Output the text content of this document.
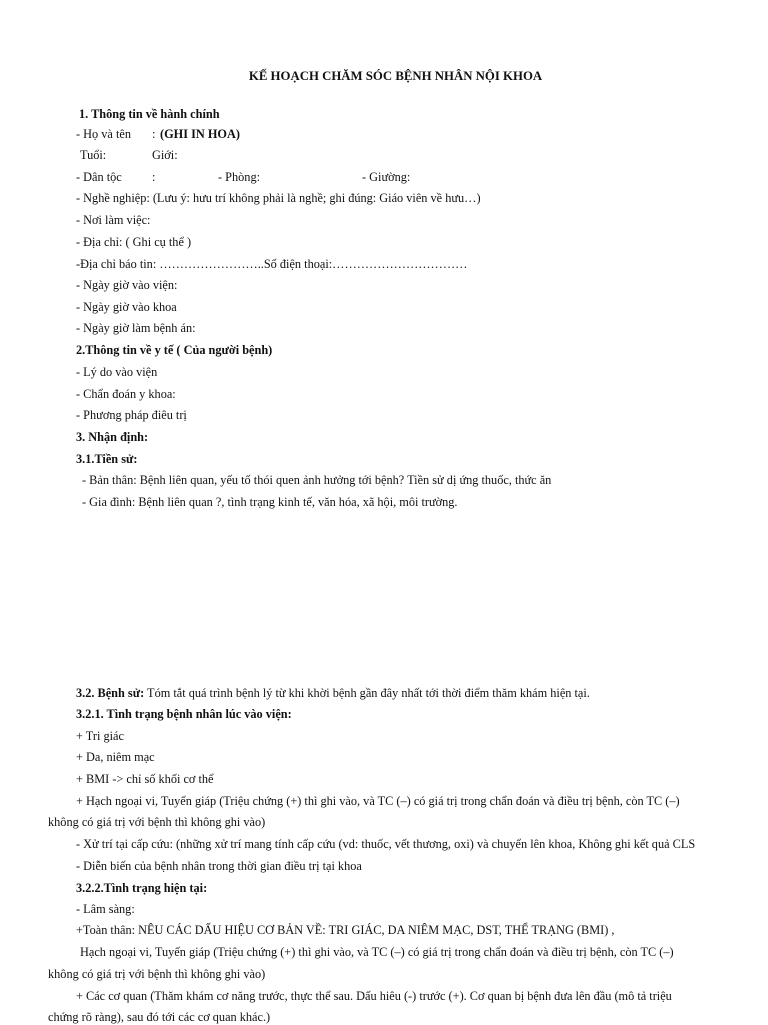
KẾ HOẠCH CHĂM SÓC BỆNH NHÂN NỘI KHOA
1. Thông tin về hành chính
- Họ và tên : (GHI IN HOA)
Tuổi:	Giới:
- Dân tộc :	- Phòng:	- Giường:
- Nghề nghiệp: (Lưu ý: hưu trí không phải là nghề; ghi đúng: Giáo viên về hưu…)
- Nơi làm việc:
- Địa chỉ: ( Ghi cụ thể )
-Địa chỉ báo tin: ……………………..Số điện thoại:……………………………
- Ngày giờ vào viện:
- Ngày giờ vào khoa
- Ngày giờ làm bệnh án:
2.Thông tin về y tế ( Của người bệnh)
- Lý do vào viện
- Chẩn đoán y khoa:
- Phương pháp điêu trị
3. Nhận định:
3.1.Tiền sử:
- Bản thân: Bệnh liên quan, yếu tố thói quen ảnh hưởng tới bệnh? Tiền sử dị ứng thuốc, thức ăn
- Gia đình: Bệnh liên quan ?, tình trạng kinh tế, văn hóa, xã hội, môi trường.
3.2. Bệnh sử: Tóm tắt quá trình bệnh lý từ khi khời bệnh gần đây nhất tới thời điểm thăm khám hiện tại.
3.2.1. Tình trạng bệnh nhân lúc vào viện:
+ Tri giác
+ Da, niêm mạc
+ BMI -> chỉ số khối cơ thể
+ Hạch ngoại vi, Tuyến giáp (Triệu chứng (+) thì ghi vào, và TC (–) có giá trị trong chẩn đoán và điều trị bệnh, còn TC (–)
không có giá trị với bệnh thì không ghi vào)
- Xử trí tại cấp cứu: (những xử trí mang tính cấp cứu (vd: thuốc, vết thương, oxi) và chuyển lên khoa, Không ghi kết quả CLS
- Diễn biến của bệnh nhân trong thời gian điều trị tại khoa
3.2.2.Tình trạng hiện tại:
- Lâm sàng:
+Toàn thân: NÊU CÁC DẤU HIỆU CƠ BẢN VỀ: TRI GIÁC, DA NIÊM MẠC, DST, THỂ TRẠNG (BMI) ,
Hạch ngoại vi, Tuyến giáp (Triệu chứng (+) thì ghi vào, và TC (–) có giá trị trong chẩn đoán và điều trị bệnh, còn TC (–)
không có giá trị với bệnh thì không ghi vào)
+ Các cơ quan (Thăm khám cơ năng trước, thực thể sau. Dấu hiêu (-) trước (+). Cơ quan bị bệnh đưa lên đầu (mô tả triệu
chứng rõ ràng), sau đó tới các cơ quan khác.)
